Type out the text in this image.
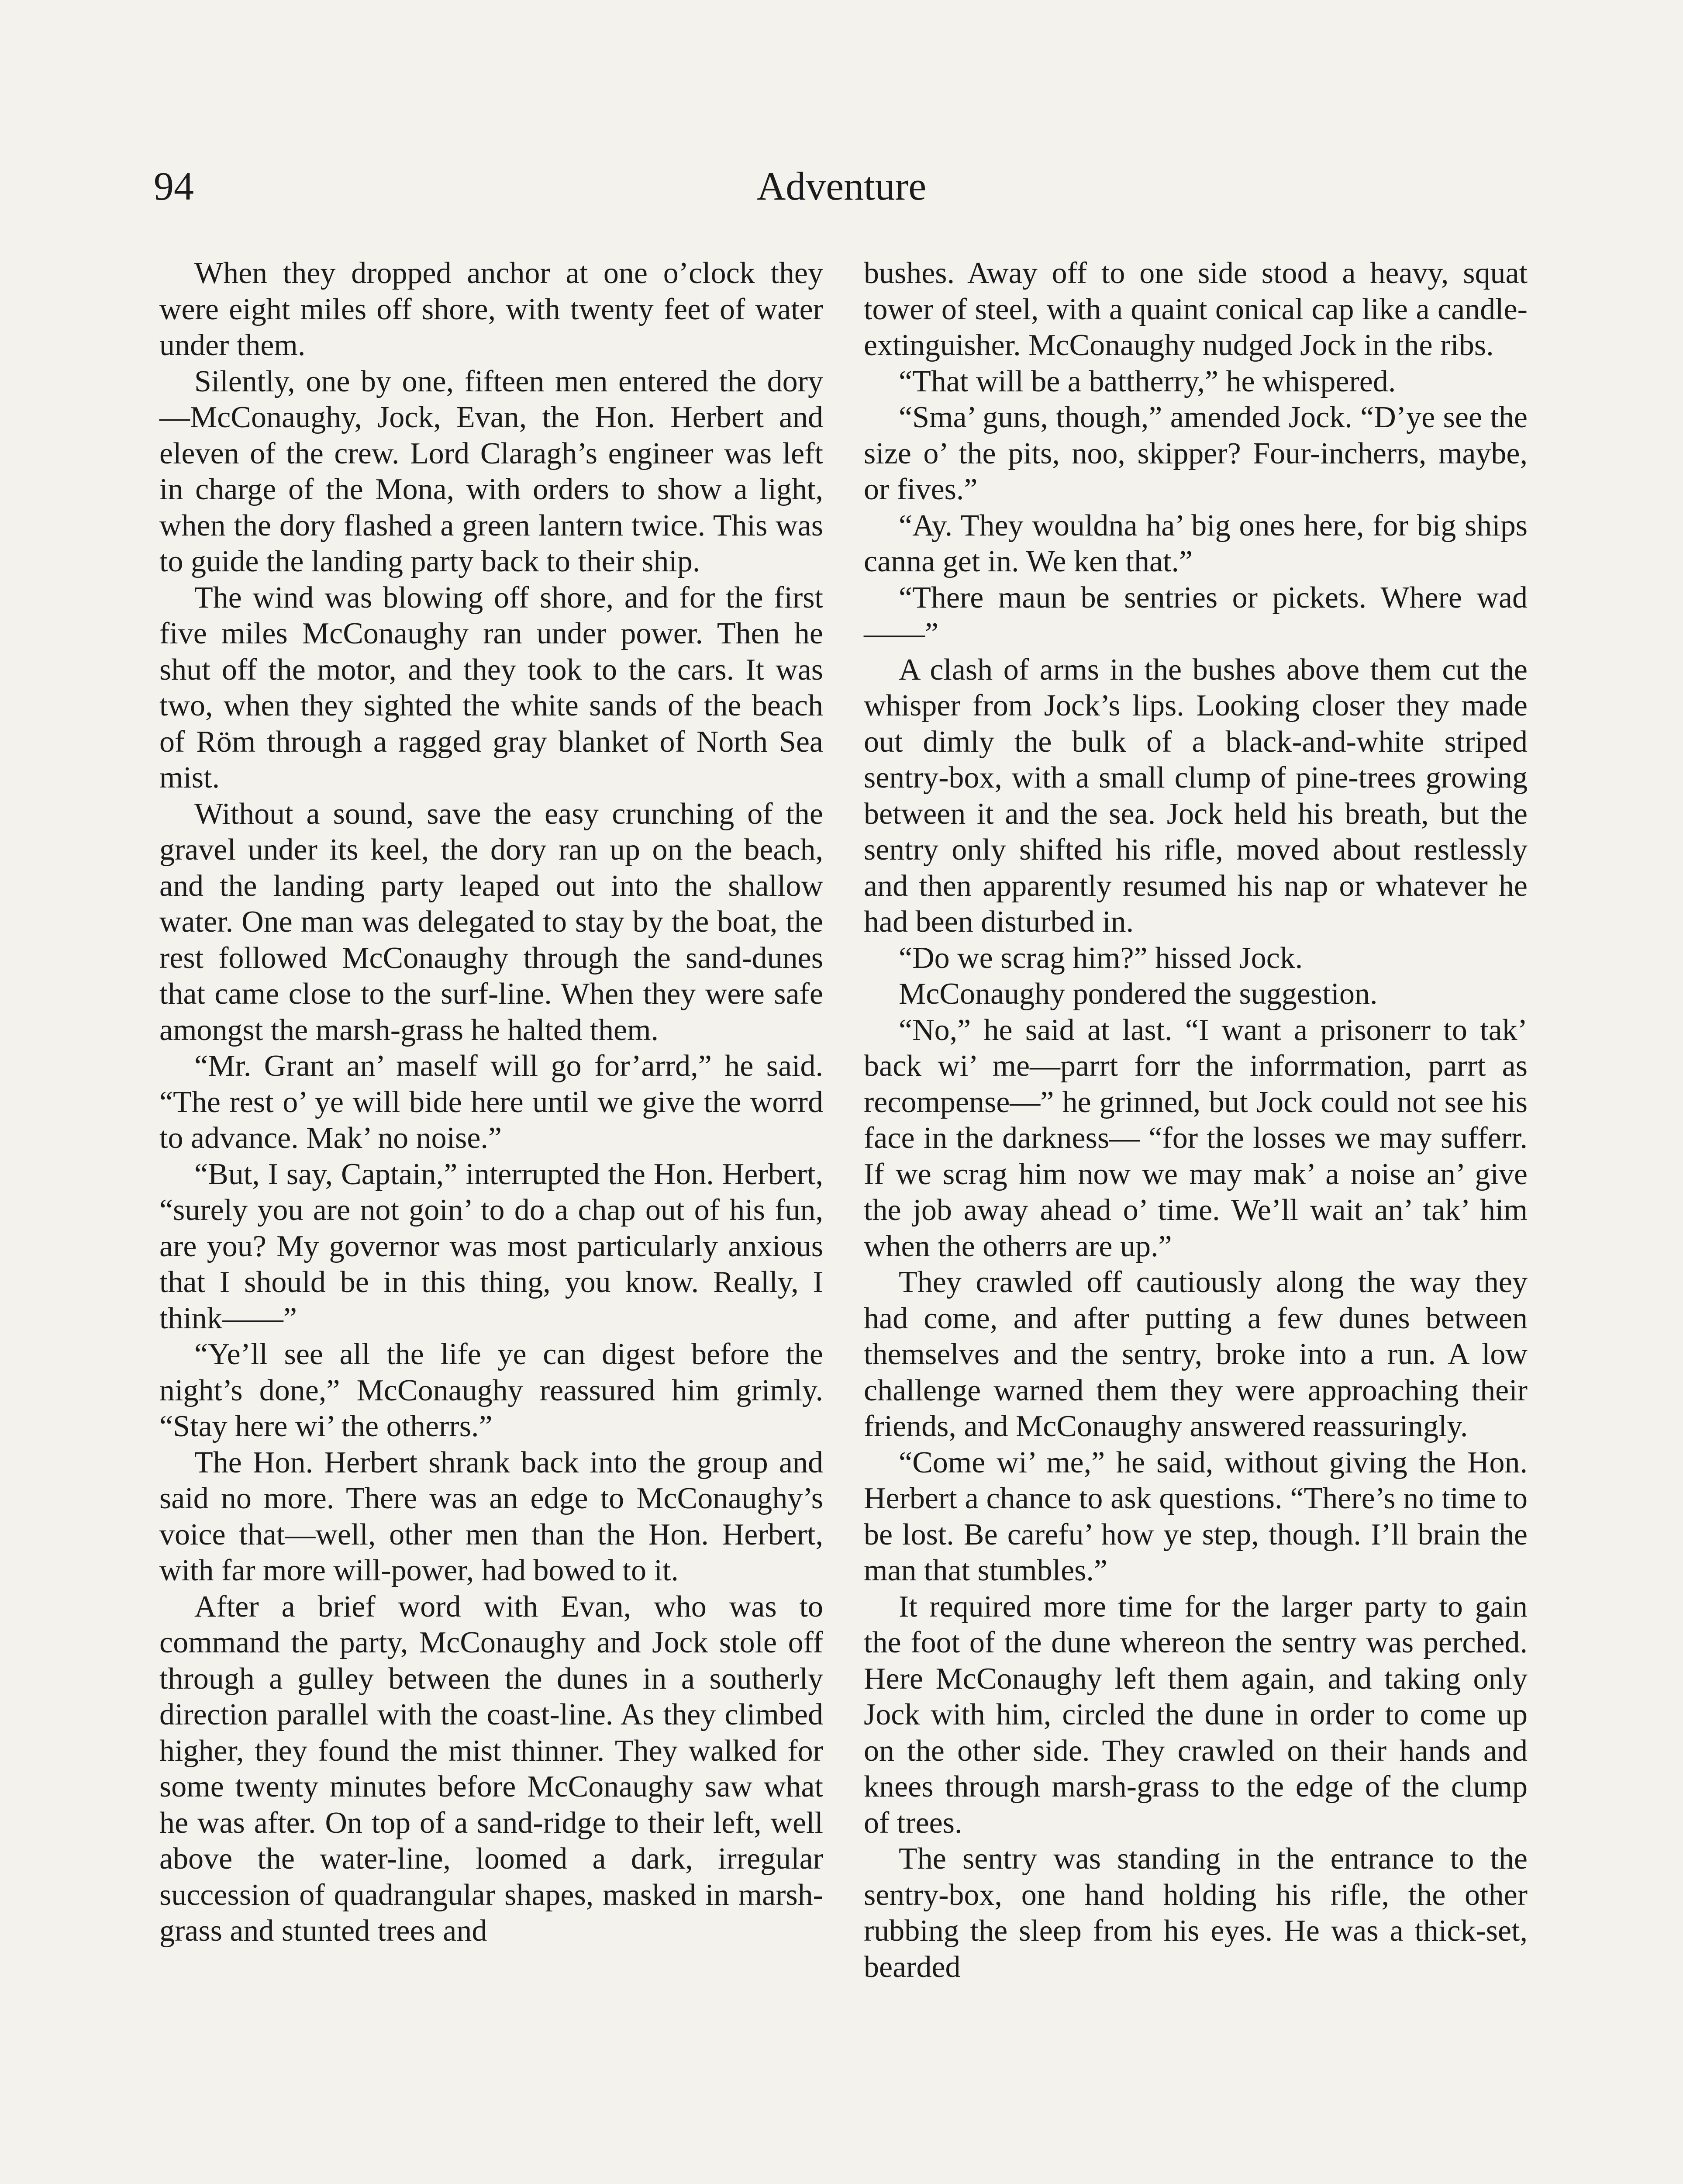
94	Adventure

When they dropped anchor at one o’clock they were eight miles off shore, with twenty feet of water under them.

Silently, one by one, fifteen men entered the dory—McConaughy, Jock, Evan, the Hon. Herbert and eleven of the crew. Lord Claragh’s engineer was left in charge of the Mona, with orders to show a light, when the dory flashed a green lantern twice. This was to guide the landing party back to their ship.

The wind was blowing off shore, and for the first five miles McConaughy ran under power. Then he shut off the motor, and they took to the cars. It was two, when they sighted the white sands of the beach of Röm through a ragged gray blanket of North Sea mist.

Without a sound, save the easy crunching of the gravel under its keel, the dory ran up on the beach, and the landing party leaped out into the shallow water. One man was delegated to stay by the boat, the rest followed McConaughy through the sand-dunes that came close to the surf-line. When they were safe amongst the marsh-grass he halted them.

“Mr. Grant an’ maself will go for’arrd,” he said. “The rest o’ ye will bide here until we give the worrd to advance. Mak’ no noise.”

“But, I say, Captain,” interrupted the Hon. Herbert, “surely you are not goin’ to do a chap out of his fun, are you? My governor was most particularly anxious that I should be in this thing, you know. Really, I think——”

“Ye’ll see all the life ye can digest before the night’s done,” McConaughy reassured him grimly. “Stay here wi’ the otherrs.”

The Hon. Herbert shrank back into the group and said no more. There was an edge to McConaughy’s voice that—well, other men than the Hon. Herbert, with far more will-power, had bowed to it.

After a brief word with Evan, who was to command the party, McConaughy and Jock stole off through a gulley between the dunes in a southerly direction parallel with the coast-line. As they climbed higher, they found the mist thinner. They walked for some twenty minutes before McConaughy saw what he was after. On top of a sand-ridge to their left, well above the water-line, loomed a dark, irregular succession of quadrangular shapes, masked in marsh-grass and stunted trees and

bushes. Away off to one side stood a heavy, squat tower of steel, with a quaint conical cap like a candle-extinguisher. McConaughy nudged Jock in the ribs.

“That will be a battherry,” he whispered.

“Sma’ guns, though,” amended Jock. “D’ye see the size o’ the pits, noo, skipper? Four-incherrs, maybe, or fives.”

“Ay. They wouldna ha’ big ones here, for big ships canna get in. We ken that.”

“There maun be sentries or pickets. Where wad——”

A clash of arms in the bushes above them cut the whisper from Jock’s lips. Looking closer they made out dimly the bulk of a black-and-white striped sentry-box, with a small clump of pine-trees growing between it and the sea. Jock held his breath, but the sentry only shifted his rifle, moved about restlessly and then apparently resumed his nap or whatever he had been disturbed in.

“Do we scrag him?” hissed Jock.

McConaughy pondered the suggestion.

“No,” he said at last. “I want a prisonerr to tak’ back wi’ me—parrt forr the inforrmation, parrt as recompense—” he grinned, but Jock could not see his face in the darkness— “for the losses we may sufferr. If we scrag him now we may mak’ a noise an’ give the job away ahead o’ time. We’ll wait an’ tak’ him when the otherrs are up.”

They crawled off cautiously along the way they had come, and after putting a few dunes between themselves and the sentry, broke into a run. A low challenge warned them they were approaching their friends, and McConaughy answered reassuringly.

“Come wi’ me,” he said, without giving the Hon. Herbert a chance to ask questions. “There’s no time to be lost. Be carefu’ how ye step, though. I’ll brain the man that stumbles.”

It required more time for the larger party to gain the foot of the dune whereon the sentry was perched. Here McConaughy left them again, and taking only Jock with him, circled the dune in order to come up on the other side. They crawled on their hands and knees through marsh-grass to the edge of the clump of trees.

The sentry was standing in the entrance to the sentry-box, one hand holding his rifle, the other rubbing the sleep from his eyes. He was a thick-set, bearded
